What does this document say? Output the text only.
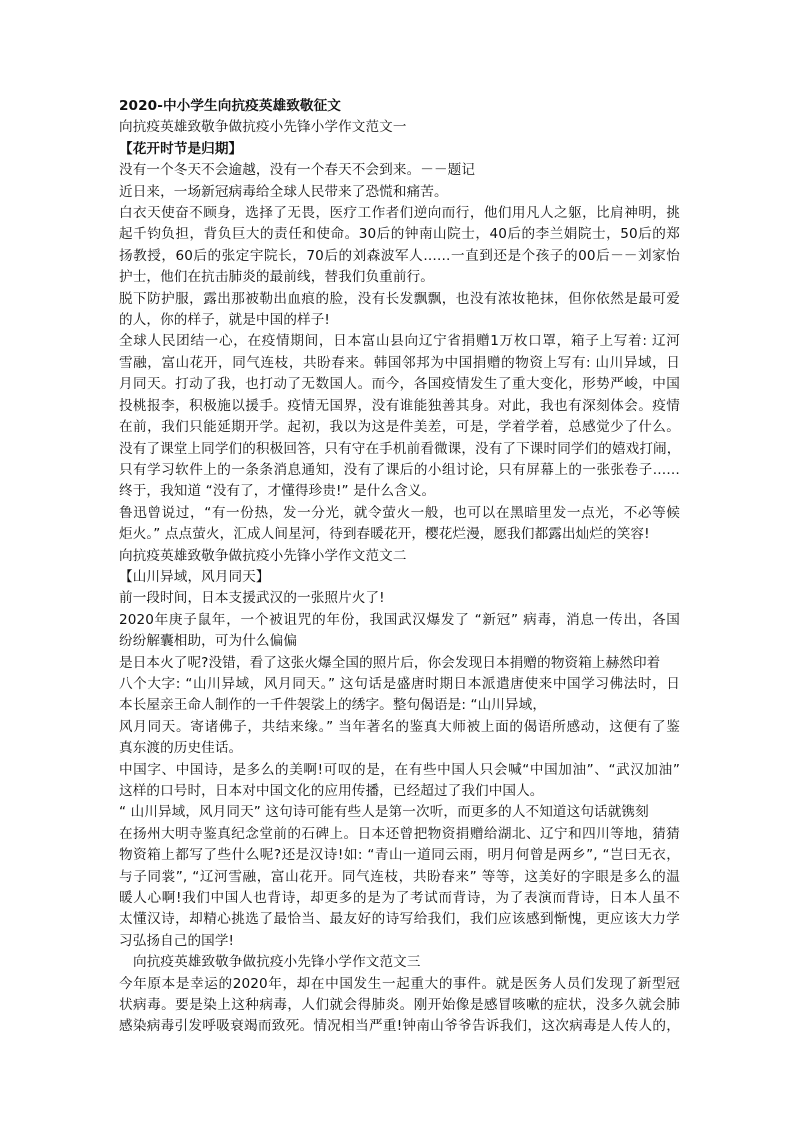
2020-中小学生向抗疫英雄致敬征文
向抗疫英雄致敬争做抗疫小先锋小学作文范文一
【花开时节是归期】
没有一个冬天不会逾越，没有一个春天不会到来。－－题记
近日来，一场新冠病毒给全球人民带来了恐慌和痛苦。
白衣天使奋不顾身，选择了无畏，医疗工作者们逆向而行，他们用凡人之躯，比肩神明，挑
起千钧负担，背负巨大的责任和使命。30后的钟南山院士，40后的李兰娟院士，50后的郑
扬教授，60后的张定宇院长，70后的刘森波军人……一直到还是个孩子的00后－－刘家怡
护士，他们在抗击肺炎的最前线，替我们负重前行。
脱下防护服，露出那被勒出血痕的脸，没有长发飘飘，也没有浓妆艳抹，但你依然是最可爱
的人，你的样子，就是中国的样子!
全球人民团结一心，在疫情期间，日本富山县向辽宁省捐赠1万枚口罩，箱子上写着: 辽河
雪融，富山花开，同气连枝，共盼春来。韩国邻邦为中国捐赠的物资上写有: 山川异域，日
月同天。打动了我，也打动了无数国人。而今，各国疫情发生了重大变化，形势严峻，中国
投桃报李，积极施以援手。疫情无国界，没有谁能独善其身。对此，我也有深刻体会。疫情
在前，我们只能延期开学。起初，我以为这是件美差，可是，学着学着，总感觉少了什么。
没有了课堂上同学们的积极回答，只有守在手机前看微课，没有了下课时同学们的嬉戏打闹，
只有学习软件上的一条条消息通知，没有了课后的小组讨论，只有屏幕上的一张张卷子……
终于，我知道 “没有了，才懂得珍贵!” 是什么含义。
鲁迅曾说过，“有一份热，发一分光，就令萤火一般，也可以在黑暗里发一点光，不必等候
炬火。” 点点萤火，汇成人间星河，待到春暖花开，樱花烂漫，愿我们都露出灿烂的笑容!
向抗疫英雄致敬争做抗疫小先锋小学作文范文二
【山川异域，风月同天】
前一段时间，日本支援武汉的一张照片火了!
2020年庚子鼠年，一个被诅咒的年份，我国武汉爆发了 “新冠” 病毒，消息一传出，各国
纷纷解囊相助，可为什么偏偏
是日本火了呢?没错，看了这张火爆全国的照片后，你会发现日本捐赠的物资箱上赫然印着
八个大字: “山川异域，风月同天。” 这句话是盛唐时期日本派遣唐使来中国学习佛法时，日
本长屋亲王命人制作的一千件袈裟上的绣字。整句偈语是: “山川异域，
风月同天。寄诸佛子，共结来缘。” 当年著名的鉴真大师被上面的偈语所感动，这便有了鉴
真东渡的历史佳话。
中国字、中国诗，是多么的美啊!可叹的是，在有些中国人只会喊“中国加油”、“武汉加油”
这样的口号时，日本对中国文化的应用传播，已经超过了我们中国人。
“ 山川异域，风月同天” 这句诗可能有些人是第一次听，而更多的人不知道这句话就镌刻
在扬州大明寺鉴真纪念堂前的石碑上。日本还曾把物资捐赠给湖北、辽宁和四川等地，猜猜
物资箱上都写了些什么呢?还是汉诗!如: “青山一道同云雨，明月何曾是两乡”, “岂曰无衣，
与子同裳”, “辽河雪融，富山花开。同气连枝，共盼春来” 等等，这美好的字眼是多么的温
暖人心啊!我们中国人也背诗，却更多的是为了考试而背诗，为了表演而背诗，日本人虽不
太懂汉诗，却精心挑选了最恰当、最友好的诗写给我们，我们应该感到惭愧，更应该大力学
习弘扬自己的国学!
向抗疫英雄致敬争做抗疫小先锋小学作文范文三
今年原本是幸运的2020年，却在中国发生一起重大的事件。就是医务人员们发现了新型冠
状病毒。要是染上这种病毒，人们就会得肺炎。刚开始像是感冒咳嗽的症状，没多久就会肺
感染病毒引发呼吸衰竭而致死。情况相当严重!钟南山爷爷告诉我们，这次病毒是人传人的，
